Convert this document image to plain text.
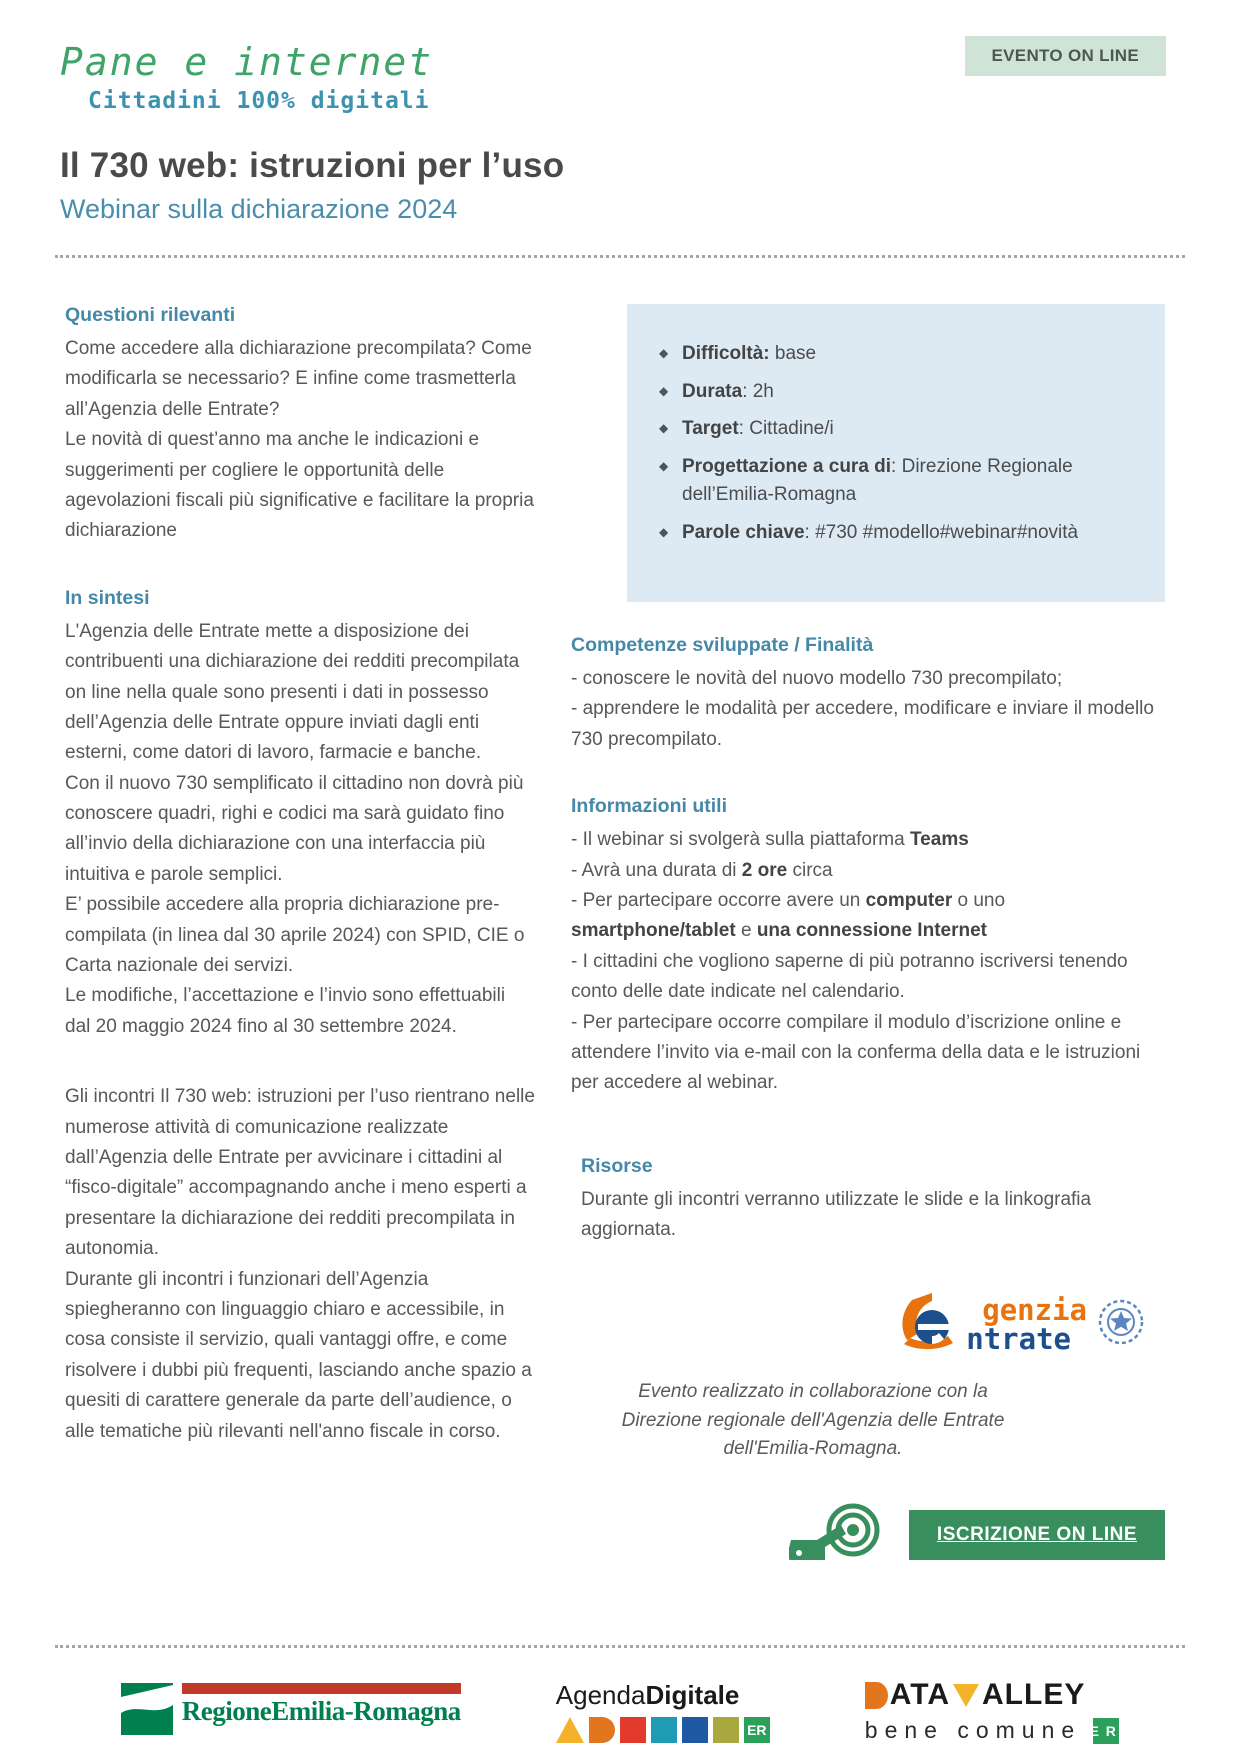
EVENTO ON LINE
Pane e internet
Cittadini 100% digitali
Il 730 web: istruzioni per l’uso
Webinar sulla dichiarazione 2024
Questioni rilevanti

Come accedere alla dichiarazione precompilata? Come modificarla se necessario? E infine come trasmetterla all’Agenzia delle Entrate?

Le novità di quest’anno ma anche le indicazioni e suggerimenti per cogliere le opportunità delle agevolazioni fiscali più significative e facilitare la propria dichiarazione

In sintesi

L'Agenzia delle Entrate mette a disposizione dei contribuenti una dichiarazione dei redditi precompilata on line nella quale sono presenti i dati in possesso dell’Agenzia delle Entrate oppure inviati dagli enti esterni, come datori di lavoro, farmacie e banche.

Con il nuovo 730 semplificato il cittadino non dovrà più conoscere quadri, righi e codici ma sarà guidato fino all’invio della dichiarazione con una interfaccia più intuitiva e parole semplici.

E’ possibile accedere alla propria dichiarazione pre-compilata (in linea dal 30 aprile 2024) con SPID, CIE o Carta nazionale dei servizi.

Le modifiche, l’accettazione e l’invio sono effettuabili dal 20 maggio 2024 fino al 30 settembre 2024.

Gli incontri Il 730 web: istruzioni per l’uso rientrano nelle numerose attività di comunicazione realizzate dall’Agenzia delle Entrate per avvicinare i cittadini al “fisco-digitale” accompagnando anche i meno esperti a presentare la dichiarazione dei redditi precompilata in autonomia.

Durante gli incontri i funzionari dell’Agenzia spiegheranno con linguaggio chiaro e accessibile, in cosa consiste il servizio, quali vantaggi offre, e come risolvere i dubbi più frequenti, lasciando anche spazio a quesiti di carattere generale da parte dell’audience, o alle tematiche più rilevanti nell'anno fiscale in corso.

◆ Difficoltà: base
◆ Durata: 2h
◆ Target: Cittadine/i
◆ Progettazione a cura di: Direzione Regionale dell’Emilia-Romagna
◆ Parole chiave: #730 #modello#webinar#novità
Competenze sviluppate / Finalità

- conoscere le novità del nuovo modello 730 precompilato;

- apprendere le modalità per accedere, modificare e inviare il modello 730 precompilato.

Informazioni utili

- Il webinar si svolgerà sulla piattaforma Teams

- Avrà una durata di 2 ore circa

- Per partecipare occorre avere un computer o uno smartphone/tablet e una connessione Internet

- I cittadini che vogliono saperne di più potranno iscriversi tenendo conto delle date indicate nel calendario.

- Per partecipare occorre compilare il modulo d’iscrizione online e attendere l’invito via e-mail con la conferma della data e le istruzioni per accedere al webinar.

Risorse

Durante gli incontri verranno utilizzate le slide e la linkografia aggiornata.

genzia
ntrate

Evento realizzato in collaborazione con la Direzione regionale dell'Agenzia delle Entrate dell'Emilia-Romagna.

ISCRIZIONE ON LINE
RegioneEmilia-Romagna
AgendaDigitale
ER
ATA ALLEY
bene comune ER
